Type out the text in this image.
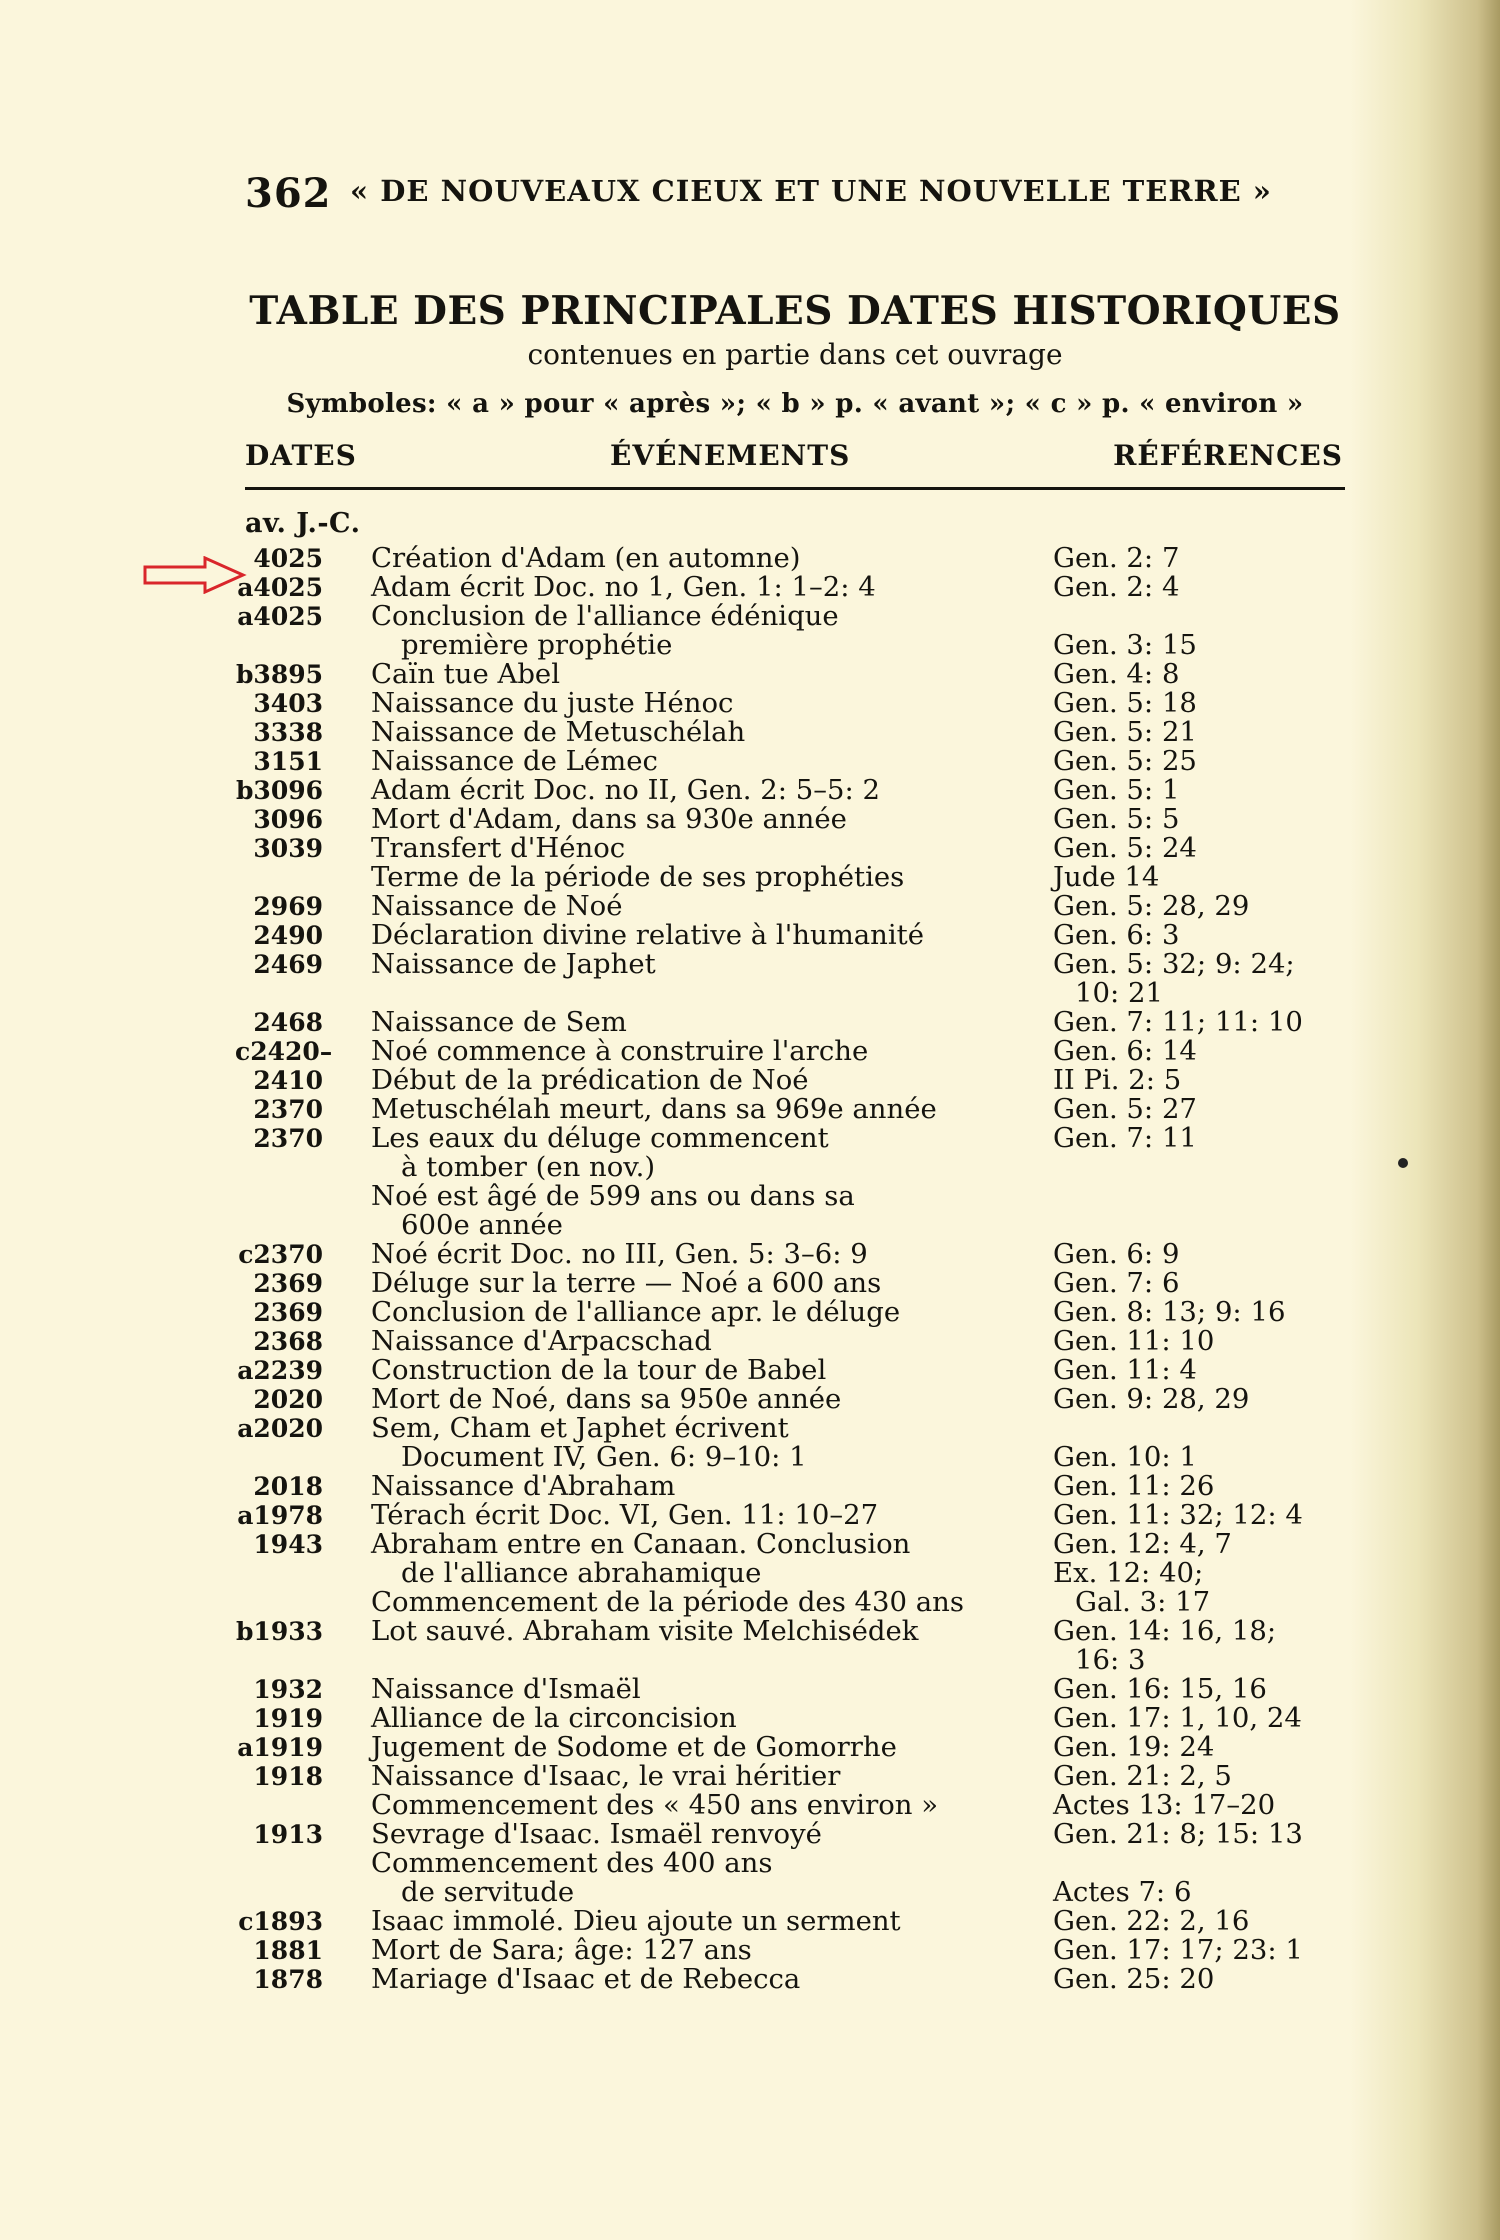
362 « DE NOUVEAUX CIEUX ET UNE NOUVELLE TERRE »
TABLE DES PRINCIPALES DATES HISTORIQUES
contenues en partie dans cet ouvrage
Symboles: « a » pour « après »; « b » p. « avant »; « c » p. « environ »
DATES	ÉVÉNEMENTS	RÉFÉRENCES
av. J.-C.
4025 Création d'Adam (en automne)	Gen. 2: 7
a4025 Adam écrit Doc. no 1, Gen. 1: 1–2: 4	Gen. 2: 4
a4025 Conclusion de l'alliance édénique
première prophétie	Gen. 3: 15
b3895 Caïn tue Abel	Gen. 4: 8
3403 Naissance du juste Hénoc	Gen. 5: 18
3338 Naissance de Metuschélah	Gen. 5: 21
3151 Naissance de Lémec	Gen. 5: 25
b3096 Adam écrit Doc. no II, Gen. 2: 5–5: 2	Gen. 5: 1
3096 Mort d'Adam, dans sa 930e année	Gen. 5: 5
3039 Transfert d'Hénoc	Gen. 5: 24
Terme de la période de ses prophéties	Jude 14
2969 Naissance de Noé	Gen. 5: 28, 29
2490 Déclaration divine relative à l'humanité	Gen. 6: 3
2469 Naissance de Japhet	Gen. 5: 32; 9: 24;
10: 21
2468 Naissance de Sem	Gen. 7: 11; 11: 10
c2420– Noé commence à construire l'arche	Gen. 6: 14
2410 Début de la prédication de Noé	II Pi. 2: 5
2370 Metuschélah meurt, dans sa 969e année	Gen. 5: 27
2370 Les eaux du déluge commencent	Gen. 7: 11
à tomber (en nov.)
Noé est âgé de 599 ans ou dans sa
600e année
c2370 Noé écrit Doc. no III, Gen. 5: 3–6: 9	Gen. 6: 9
2369 Déluge sur la terre — Noé a 600 ans	Gen. 7: 6
2369 Conclusion de l'alliance apr. le déluge	Gen. 8: 13; 9: 16
2368 Naissance d'Arpacschad	Gen. 11: 10
a2239 Construction de la tour de Babel	Gen. 11: 4
2020 Mort de Noé, dans sa 950e année	Gen. 9: 28, 29
a2020 Sem, Cham et Japhet écrivent
Document IV, Gen. 6: 9–10: 1	Gen. 10: 1
2018 Naissance d'Abraham	Gen. 11: 26
a1978 Térach écrit Doc. VI, Gen. 11: 10–27	Gen. 11: 32; 12: 4
1943 Abraham entre en Canaan. Conclusion	Gen. 12: 4, 7
de l'alliance abrahamique	Ex. 12: 40;
Commencement de la période des 430 ans	Gal. 3: 17
b1933 Lot sauvé. Abraham visite Melchisédek	Gen. 14: 16, 18;
16: 3
1932 Naissance d'Ismaël	Gen. 16: 15, 16
1919 Alliance de la circoncision	Gen. 17: 1, 10, 24
a1919 Jugement de Sodome et de Gomorrhe	Gen. 19: 24
1918 Naissance d'Isaac, le vrai héritier	Gen. 21: 2, 5
Commencement des « 450 ans environ »	Actes 13: 17–20
1913 Sevrage d'Isaac. Ismaël renvoyé	Gen. 21: 8; 15: 13
Commencement des 400 ans
de servitude	Actes 7: 6
c1893 Isaac immolé. Dieu ajoute un serment	Gen. 22: 2, 16
1881 Mort de Sara; âge: 127 ans	Gen. 17: 17; 23: 1
1878 Mariage d'Isaac et de Rebecca	Gen. 25: 20
